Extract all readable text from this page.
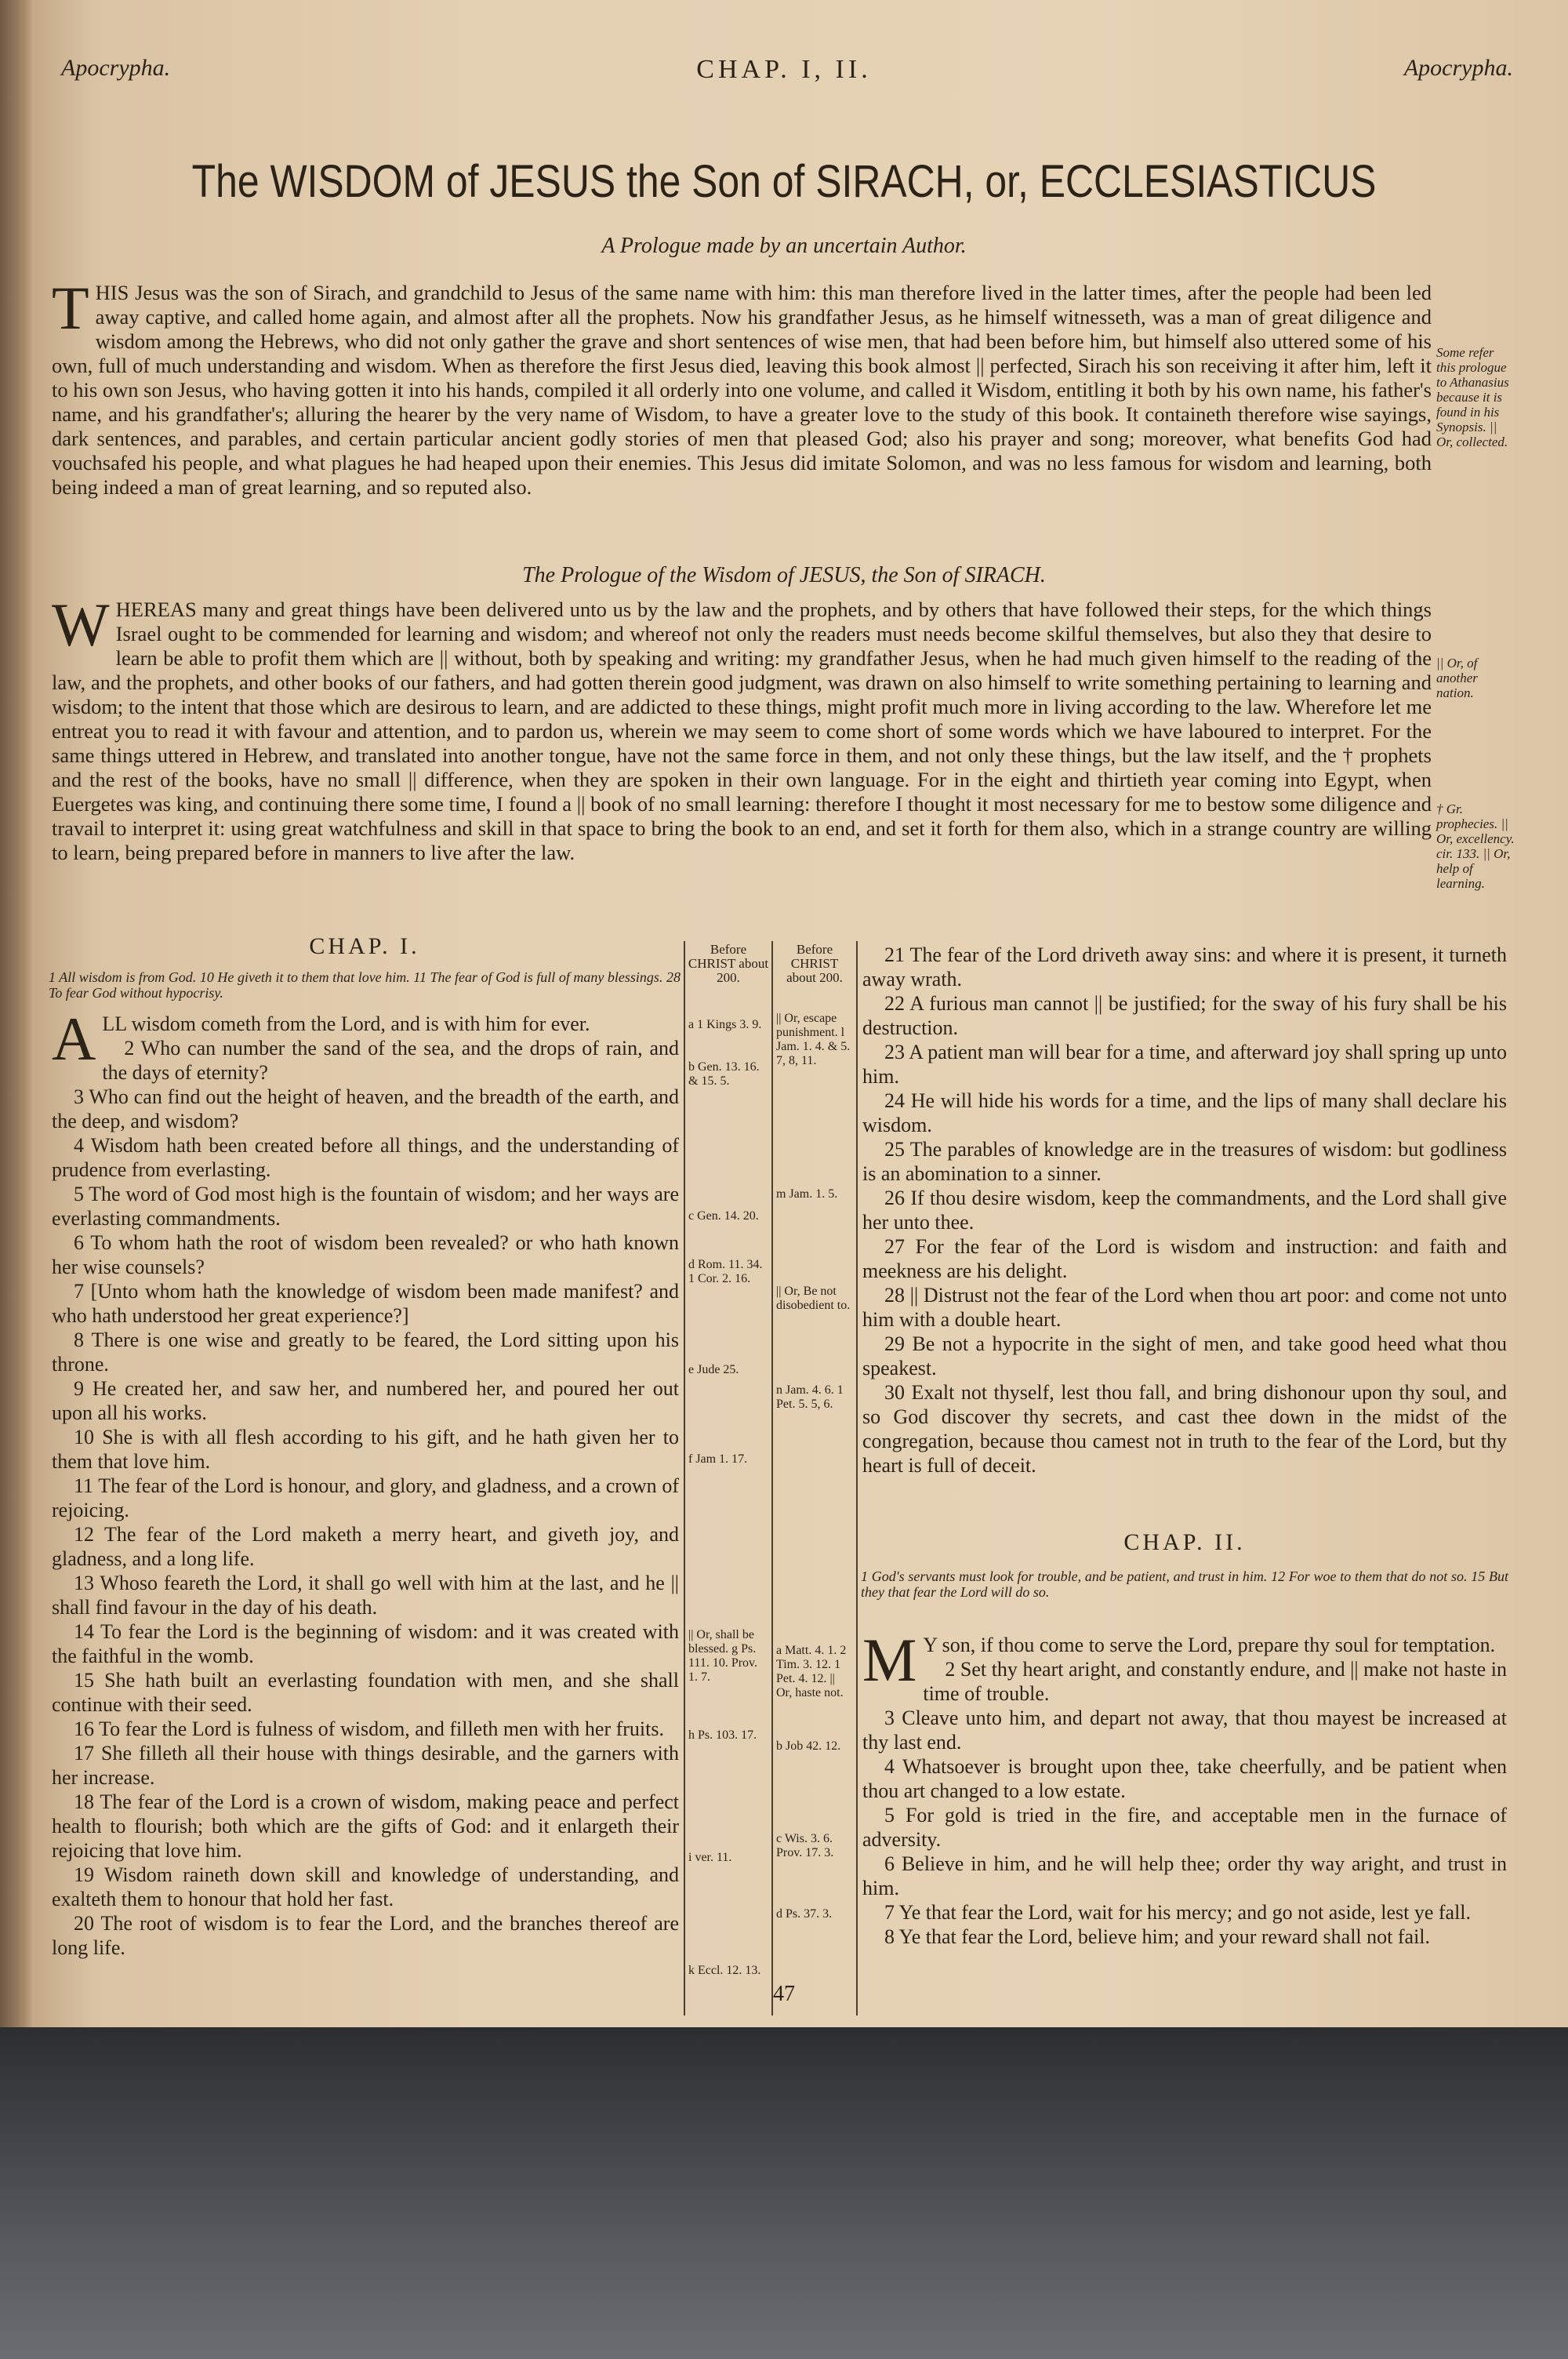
CHAP. I, II.
Apocrypha.	Apocrypha.
The WISDOM of JESUS the Son of SIRACH, or, ECCLESIASTICUS
A Prologue made by an uncertain Author.
T HIS Jesus was the son of Sirach, and grandchild to Jesus of the same name with him: this man therefore lived in the latter times, after the people had been led away captive, and called home again, and almost after all the prophets. Now his grandfather Jesus, as he himself witnesseth, was a man of great diligence and wisdom among the Hebrews, who did not only gather the grave and short sentences of wise men, that had been before him, but himself also uttered some of his own, full of much understanding and wisdom. When as therefore the first Jesus died, leaving this book almost || perfected, Sirach his son receiving it after him, left it to his own son Jesus, who having gotten it into his hands, compiled it all orderly into one volume, and called it Wisdom, entitling it both by his own name, his father's name, and his grandfather's; alluring the hearer by the very name of Wisdom, to have a greater love to the study of this book. It containeth therefore wise sayings, dark sentences, and parables, and certain particular ancient godly stories of men that pleased God; also his prayer and song; moreover, what benefits God had vouchsafed his people, and what plagues he had heaped upon their enemies. This Jesus did imitate Solomon, and was no less famous for wisdom and learning, both being indeed a man of great learning, and so reputed also.
Some refer this prologue to Athanasius because it is found in his Synopsis. || Or, collected.
The Prologue of the Wisdom of JESUS, the Son of SIRACH.
W HEREAS many and great things have been delivered unto us by the law and the prophets, and by others that have followed their steps, for the which things Israel ought to be commended for learning and wisdom; and whereof not only the readers must needs become skilful themselves, but also they that desire to learn be able to profit them which are || without, both by speaking and writing: my grandfather Jesus, when he had much given himself to the reading of the law, and the prophets, and other books of our fathers, and had gotten therein good judgment, was drawn on also himself to write something pertaining to learning and wisdom; to the intent that those which are desirous to learn, and are addicted to these things, might profit much more in living according to the law. Wherefore let me entreat you to read it with favour and attention, and to pardon us, wherein we may seem to come short of some words which we have laboured to interpret. For the same things uttered in Hebrew, and translated into another tongue, have not the same force in them, and not only these things, but the law itself, and the † prophets and the rest of the books, have no small || difference, when they are spoken in their own language. For in the eight and thirtieth year coming into Egypt, when Euergetes was king, and continuing there some time, I found a || book of no small learning: therefore I thought it most necessary for me to bestow some diligence and travail to interpret it: using great watchfulness and skill in that space to bring the book to an end, and set it forth for them also, which in a strange country are willing to learn, being prepared before in manners to live after the law.
|| Or, of another nation.
† Gr. prophecies. || Or, excellency. cir. 133. || Or, help of learning.
CHAP. I.
1 All wisdom is from God. 10 He giveth it to them that love him. 11 The fear of God is full of many blessings. 28 To fear God without hypocrisy.

ALL wisdom cometh from the Lord, and is with him for ever.

2 Who can number the sand of the sea, and the drops of rain, and the days of eternity?

3 Who can find out the height of heaven, and the breadth of the earth, and the deep, and wisdom?

4 Wisdom hath been created before all things, and the understanding of prudence from everlasting.

5 The word of God most high is the fountain of wisdom; and her ways are everlasting commandments.

6 To whom hath the root of wisdom been revealed? or who hath known her wise counsels?

7 [Unto whom hath the knowledge of wisdom been made manifest? and who hath understood her great experience?]

8 There is one wise and greatly to be feared, the Lord sitting upon his throne.

9 He created her, and saw her, and numbered her, and poured her out upon all his works.

10 She is with all flesh according to his gift, and he hath given her to them that love him.

11 The fear of the Lord is honour, and glory, and gladness, and a crown of rejoicing.

12 The fear of the Lord maketh a merry heart, and giveth joy, and gladness, and a long life.

13 Whoso feareth the Lord, it shall go well with him at the last, and he || shall find favour in the day of his death.

14 To fear the Lord is the beginning of wisdom: and it was created with the faithful in the womb.

15 She hath built an everlasting foundation with men, and she shall continue with their seed.

16 To fear the Lord is fulness of wisdom, and filleth men with her fruits.

17 She filleth all their house with things desirable, and the garners with her increase.

18 The fear of the Lord is a crown of wisdom, making peace and perfect health to flourish; both which are the gifts of God: and it enlargeth their rejoicing that love him.

19 Wisdom raineth down skill and knowledge of understanding, and exalteth them to honour that hold her fast.

20 The root of wisdom is to fear the Lord, and the branches thereof are long life.

Before CHRIST about 200.
Before CHRIST about 200.
a 1 Kings 3. 9.
b Gen. 13. 16. & 15. 5.
c Gen. 14. 20.
d Rom. 11. 34. 1 Cor. 2. 16.
e Jude 25.
f Jam 1. 17.
|| Or, shall be blessed. g Ps. 111. 10. Prov. 1. 7.
h Ps. 103. 17.
i ver. 11.
k Eccl. 12. 13.
|| Or, escape punishment. l Jam. 1. 4. & 5. 7, 8, 11.
m Jam. 1. 5.
|| Or, Be not disobedient to.
n Jam. 4. 6. 1 Pet. 5. 5, 6.
a Matt. 4. 1. 2 Tim. 3. 12. 1 Pet. 4. 12. || Or, haste not.
b Job 42. 12.
c Wis. 3. 6. Prov. 17. 3.
d Ps. 37. 3.

21 The fear of the Lord driveth away sins: and where it is present, it turneth away wrath.

22 A furious man cannot || be justified; for the sway of his fury shall be his destruction.

23 A patient man will bear for a time, and afterward joy shall spring up unto him.

24 He will hide his words for a time, and the lips of many shall declare his wisdom.

25 The parables of knowledge are in the treasures of wisdom: but godliness is an abomination to a sinner.

26 If thou desire wisdom, keep the commandments, and the Lord shall give her unto thee.

27 For the fear of the Lord is wisdom and instruction: and faith and meekness are his delight.

28 || Distrust not the fear of the Lord when thou art poor: and come not unto him with a double heart.

29 Be not a hypocrite in the sight of men, and take good heed what thou speakest.

30 Exalt not thyself, lest thou fall, and bring dishonour upon thy soul, and so God discover thy secrets, and cast thee down in the midst of the congregation, because thou camest not in truth to the fear of the Lord, but thy heart is full of deceit.

CHAP. II.
1 God's servants must look for trouble, and be patient, and trust in him. 12 For woe to them that do not so. 15 But they that fear the Lord will do so.

M Y son, if thou come to serve the Lord, prepare thy soul for temptation.

2 Set thy heart aright, and constantly endure, and || make not haste in time of trouble.

3 Cleave unto him, and depart not away, that thou mayest be increased at thy last end.

4 Whatsoever is brought upon thee, take cheerfully, and be patient when thou art changed to a low estate.

5 For gold is tried in the fire, and acceptable men in the furnace of adversity.

6 Believe in him, and he will help thee; order thy way aright, and trust in him.

7 Ye that fear the Lord, wait for his mercy; and go not aside, lest ye fall.

8 Ye that fear the Lord, believe him; and your reward shall not fail.

47
